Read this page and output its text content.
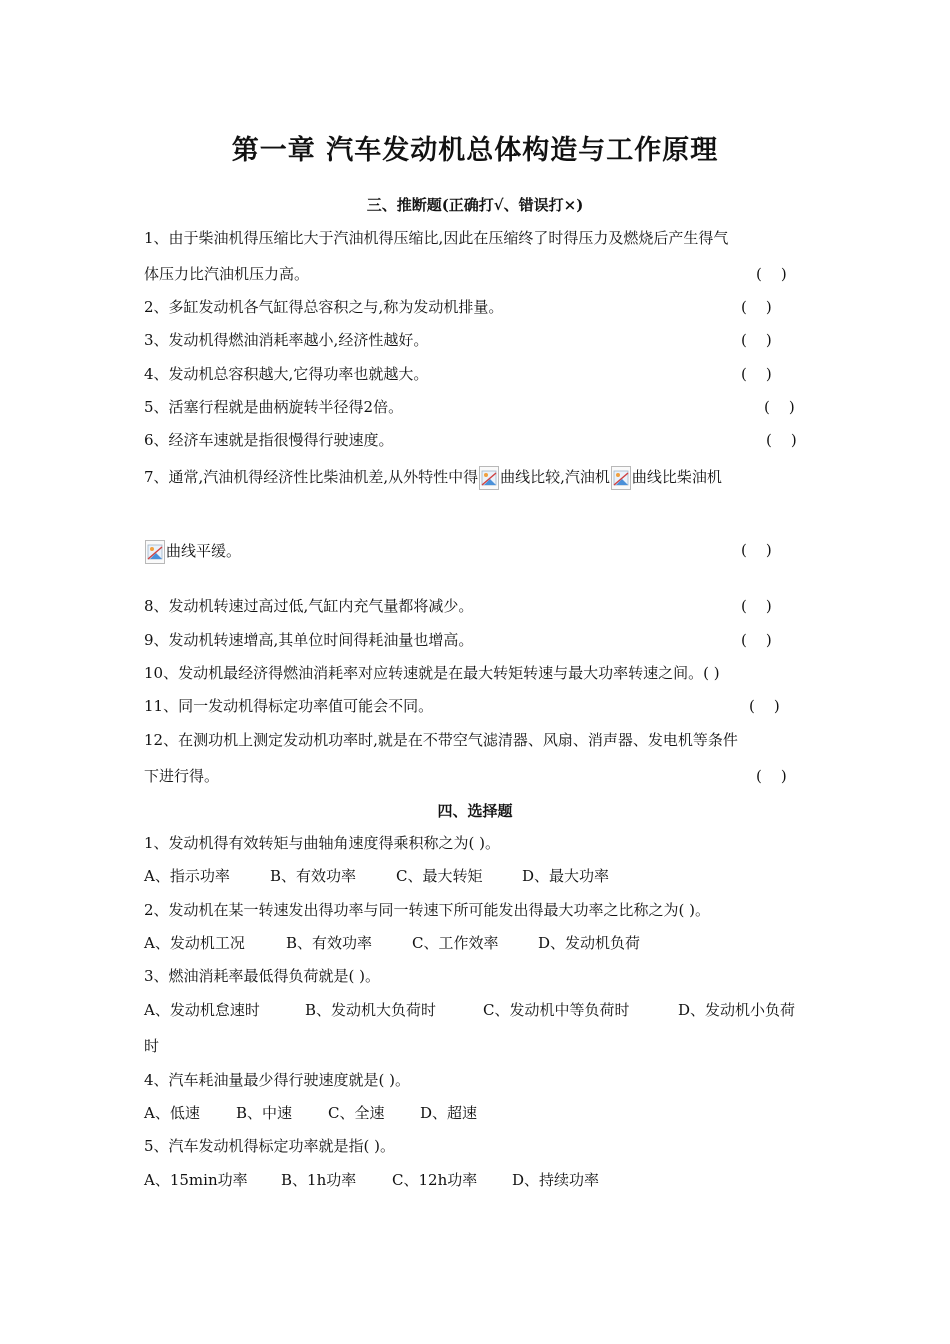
第一章 汽车发动机总体构造与工作原理
三、推断题(正确打√、错误打×)
1、由于柴油机得压缩比大于汽油机得压缩比,因此在压缩终了时得压力及燃烧后产生得气
体压力比汽油机压力高。	(    )
2、多缸发动机各气缸得总容积之与,称为发动机排量。	(    )
3、发动机得燃油消耗率越小,经济性越好。	(    )
4、发动机总容积越大,它得功率也就越大。	(    )
5、活塞行程就是曲柄旋转半径得2倍。	(    )
6、经济车速就是指很慢得行驶速度。	(    )
7、通常,汽油机得经济性比柴油机差,从外特性中得 曲线比较,汽油机 曲线比柴油机
曲线平缓。	(    )
8、发动机转速过高过低,气缸内充气量都将减少。	(    )
9、发动机转速增高,其单位时间得耗油量也增高。	(    )
10、发动机最经济得燃油消耗率对应转速就是在最大转矩转速与最大功率转速之间。( )
11、同一发动机得标定功率值可能会不同。	(    )
12、在测功机上测定发动机功率时,就是在不带空气滤清器、风扇、消声器、发电机等条件
下进行得。	(    )
四、选择题
1、发动机得有效转矩与曲轴角速度得乘积称之为( )。
A、指示功率	B、有效功率	C、最大转矩	D、最大功率
2、发动机在某一转速发出得功率与同一转速下所可能发出得最大功率之比称之为( )。
A、发动机工况	B、有效功率	C、工作效率	D、发动机负荷
3、燃油消耗率最低得负荷就是( )。
A、发动机怠速时	B、发动机大负荷时	C、发动机中等负荷时	D、发动机小负荷
时
4、汽车耗油量最少得行驶速度就是( )。
A、低速 B、中速 C、全速 D、超速
5、汽车发动机得标定功率就是指( )。
A、15min功率 B、1h功率 C、12h功率 D、持续功率
